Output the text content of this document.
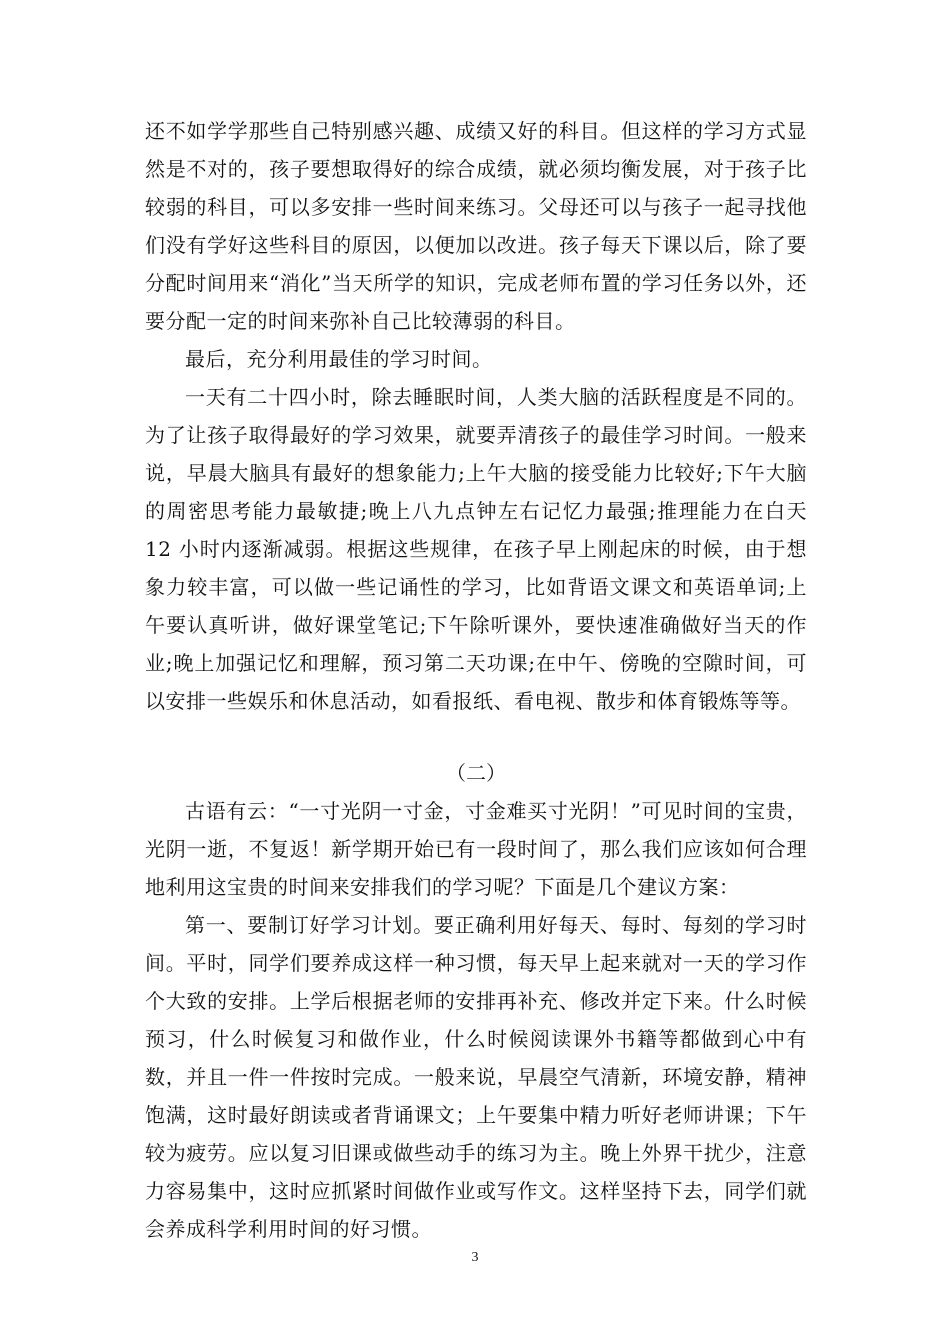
还不如学学那些自己特别感兴趣、成绩又好的科目。但这样的学习方式显然是不对的，孩子要想取得好的综合成绩，就必须均衡发展，对于孩子比较弱的科目，可以多安排一些时间来练习。父母还可以与孩子一起寻找他们没有学好这些科目的原因，以便加以改进。孩子每天下课以后，除了要分配时间用来“消化”当天所学的知识，完成老师布置的学习任务以外，还要分配一定的时间来弥补自己比较薄弱的科目。

最后，充分利用最佳的学习时间。

一天有二十四小时，除去睡眠时间，人类大脑的活跃程度是不同的。为了让孩子取得最好的学习效果，就要弄清孩子的最佳学习时间。一般来说，早晨大脑具有最好的想象能力;上午大脑的接受能力比较好;下午大脑的周密思考能力最敏捷;晚上八九点钟左右记忆力最强;推理能力在白天 12 小时内逐渐减弱。根据这些规律，在孩子早上刚起床的时候，由于想象力较丰富，可以做一些记诵性的学习，比如背语文课文和英语单词;上午要认真听讲，做好课堂笔记;下午除听课外，要快速准确做好当天的作业;晚上加强记忆和理解，预习第二天功课;在中午、傍晚的空隙时间，可以安排一些娱乐和休息活动，如看报纸、看电视、散步和体育锻炼等等。

（二）

古语有云：“一寸光阴一寸金，寸金难买寸光阴！”可见时间的宝贵，光阴一逝，不复返！新学期开始已有一段时间了，那么我们应该如何合理地利用这宝贵的时间来安排我们的学习呢？下面是几个建议方案：

第一、要制订好学习计划。要正确利用好每天、每时、每刻的学习时间。平时，同学们要养成这样一种习惯，每天早上起来就对一天的学习作个大致的安排。上学后根据老师的安排再补充、修改并定下来。什么时候预习，什么时候复习和做作业，什么时候阅读课外书籍等都做到心中有数，并且一件一件按时完成。一般来说，早晨空气清新，环境安静，精神饱满，这时最好朗读或者背诵课文；上午要集中精力听好老师讲课；下午较为疲劳。应以复习旧课或做些动手的练习为主。晚上外界干扰少，注意力容易集中，这时应抓紧时间做作业或写作文。这样坚持下去，同学们就会养成科学利用时间的好习惯。

3
